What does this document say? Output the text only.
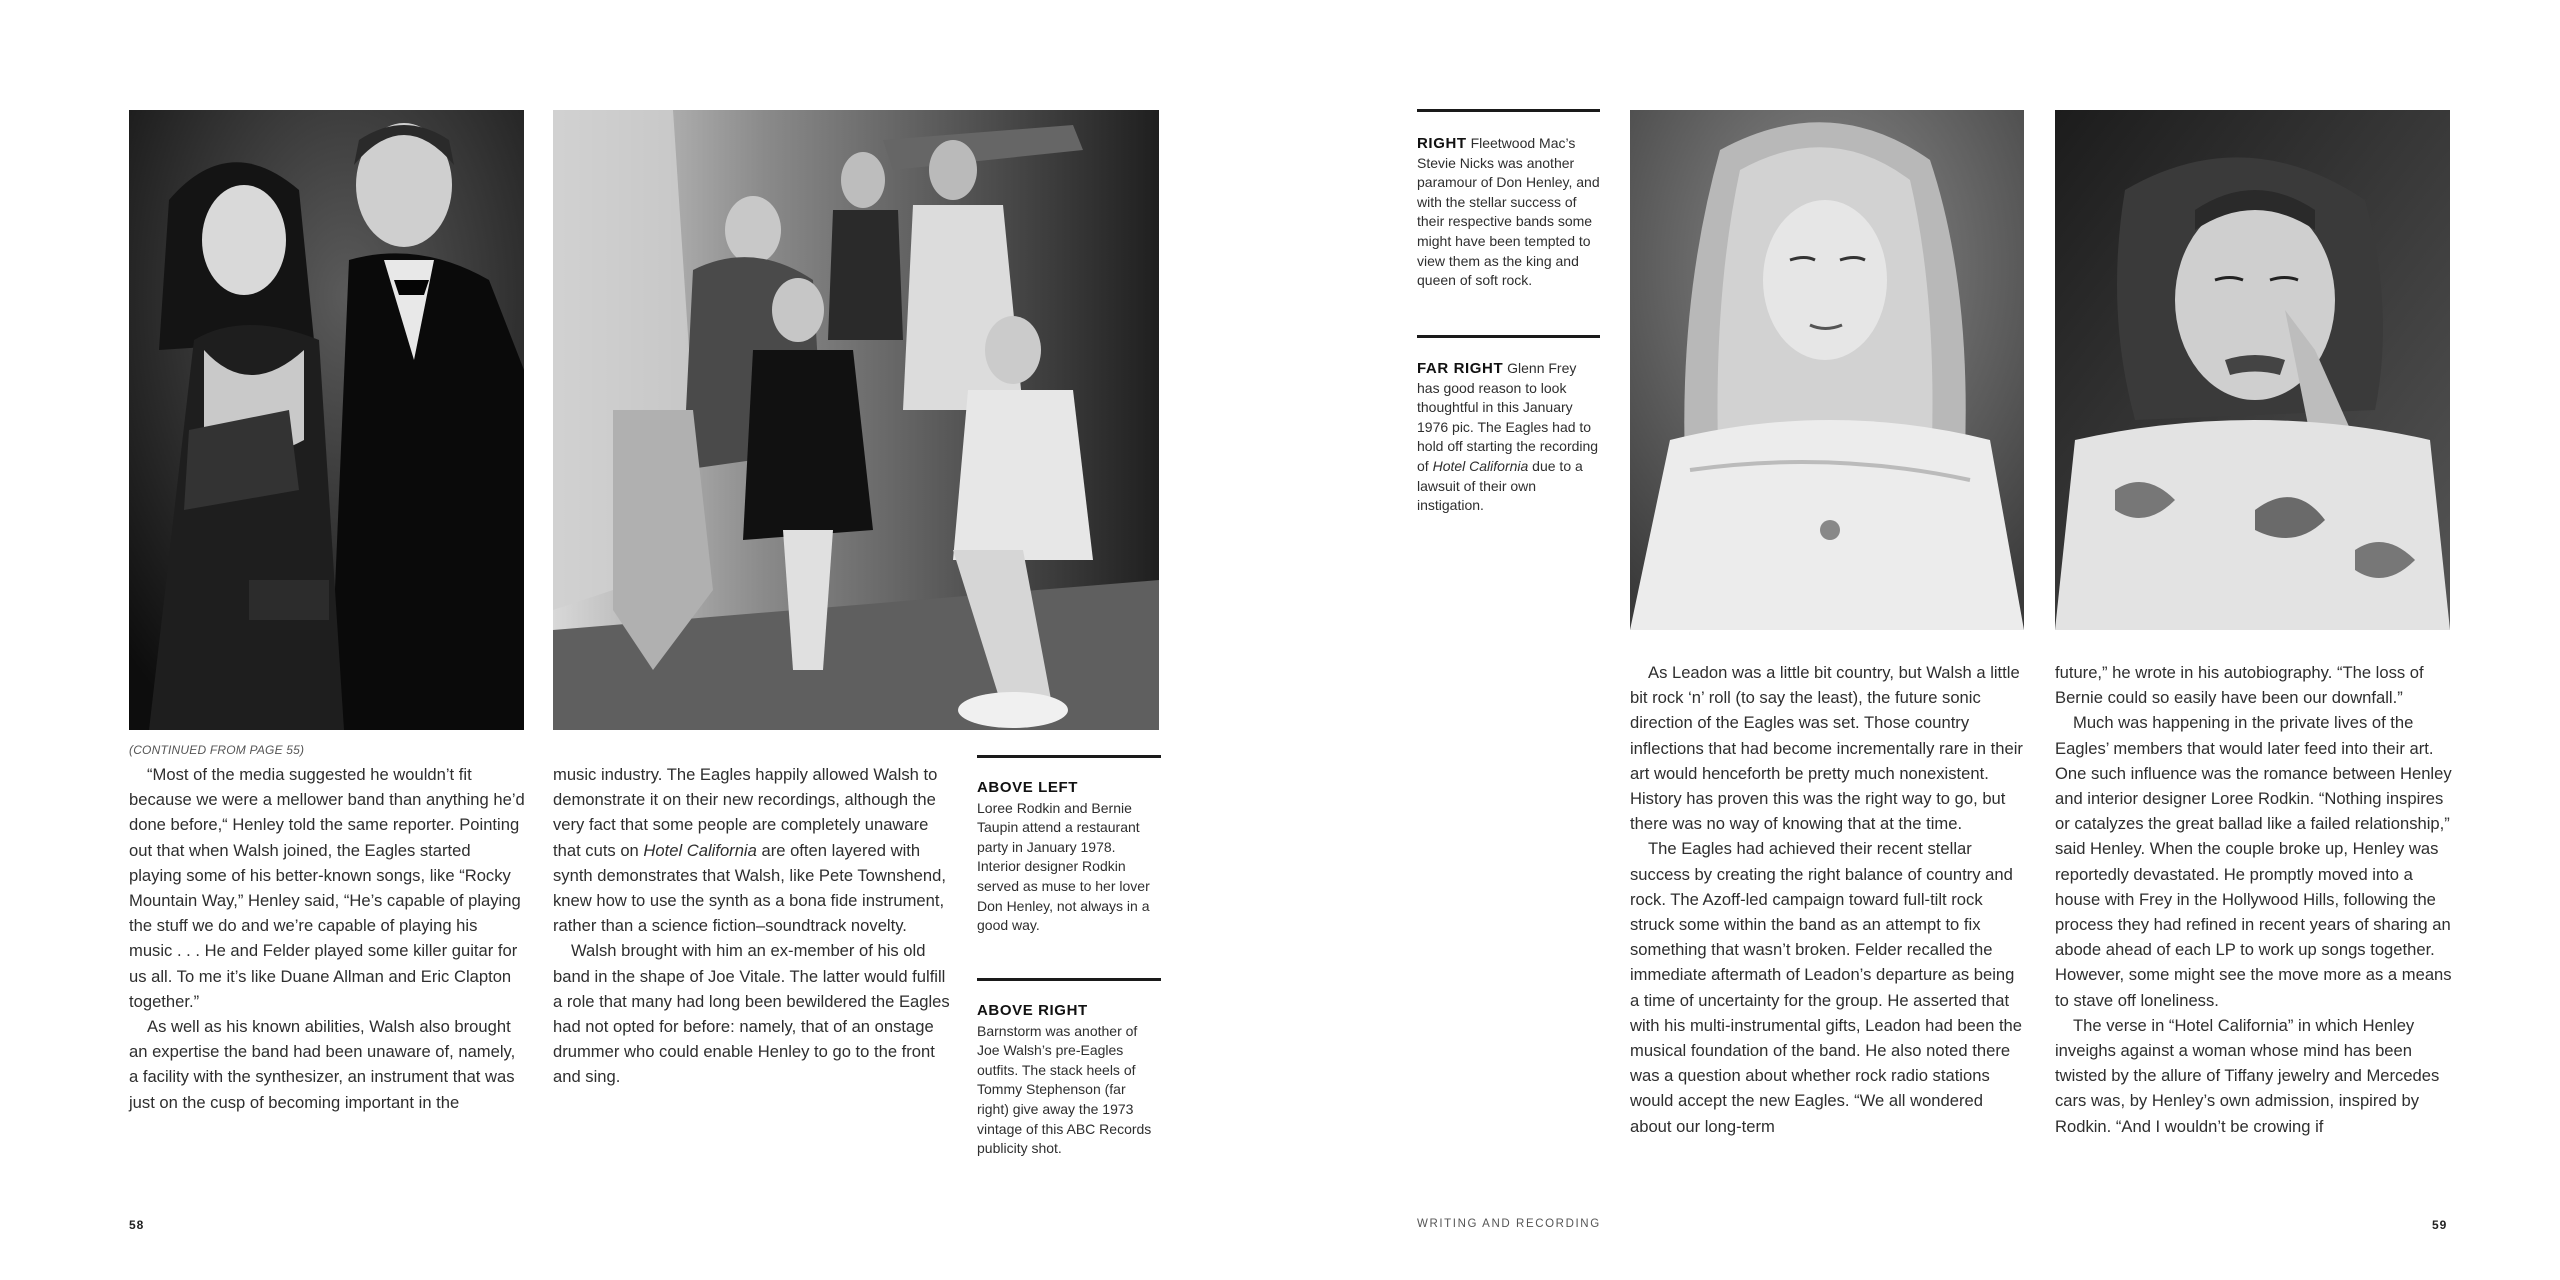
(CONTINUED FROM PAGE 55)

“Most of the media suggested he wouldn’t fit because we were a mellower band than anything he’d done before,“ Henley told the same reporter. Pointing out that when Walsh joined, the Eagles started playing some of his better-known songs, like “Rocky Mountain Way,” Henley said, “He’s capable of playing the stuff we do and we’re capable of playing his music . . . He and Felder played some killer guitar for us all. To me it’s like Duane Allman and Eric Clapton together.”

As well as his known abilities, Walsh also brought an expertise the band had been unaware of, namely, a facility with the synthesizer, an instrument that was just on the cusp of becoming important in the

music industry. The Eagles happily allowed Walsh to demonstrate it on their new recordings, although the very fact that some people are completely unaware that cuts on Hotel California are often layered with synth demonstrates that Walsh, like Pete Townshend, knew how to use the synth as a bona fide instrument, rather than a science fiction–soundtrack novelty.

Walsh brought with him an ex-member of his old band in the shape of Joe Vitale. The latter would fulfill a role that many had long been bewildered the Eagles had not opted for before: namely, that of an onstage drummer who could enable Henley to go to the front and sing.

ABOVE LEFT
Loree Rodkin and Bernie Taupin attend a restaurant party in January 1978. Interior designer Rodkin served as muse to her lover Don Henley, not always in a good way.
ABOVE RIGHT
Barnstorm was another of Joe Walsh’s pre-Eagles outfits. The stack heels of Tommy Stephenson (far right) give away the 1973 vintage of this ABC Records publicity shot.
58
RIGHT Fleetwood Mac’s Stevie Nicks was another paramour of Don Henley, and with the stellar success of their respective bands some might have been tempted to view them as the king and queen of soft rock.
FAR RIGHT Glenn Frey has good reason to look thoughtful in this January 1976 pic. The Eagles had to hold off starting the recording of Hotel California due to a lawsuit of their own instigation.

As Leadon was a little bit country, but Walsh a little bit rock ‘n’ roll (to say the least), the future sonic direction of the Eagles was set. Those country inflections that had become incrementally rare in their art would henceforth be pretty much nonexistent. History has proven this was the right way to go, but there was no way of knowing that at the time.

The Eagles had achieved their recent stellar success by creating the right balance of country and rock. The Azoff-led campaign toward full-tilt rock struck some within the band as an attempt to fix something that wasn’t broken. Felder recalled the immediate aftermath of Leadon’s departure as being a time of uncertainty for the group. He asserted that with his multi-instrumental gifts, Leadon had been the musical foundation of the band. He also noted there was a question about whether rock radio stations would accept the new Eagles. “We all wondered about our long-term

future,” he wrote in his autobiography. “The loss of Bernie could so easily have been our downfall.”

Much was happening in the private lives of the Eagles’ members that would later feed into their art. One such influence was the romance between Henley and interior designer Loree Rodkin. “Nothing inspires or catalyzes the great ballad like a failed relationship,” said Henley. When the couple broke up, Henley was reportedly devastated. He promptly moved into a house with Frey in the Hollywood Hills, following the process they had refined in recent years of sharing an abode ahead of each LP to work up songs together. However, some might see the move more as a means to stave off loneliness.

The verse in “Hotel California” in which Henley inveighs against a woman whose mind has been twisted by the allure of Tiffany jewelry and Mercedes cars was, by Henley’s own admission, inspired by Rodkin. “And I wouldn’t be crowing if

WRITING AND RECORDING	59
